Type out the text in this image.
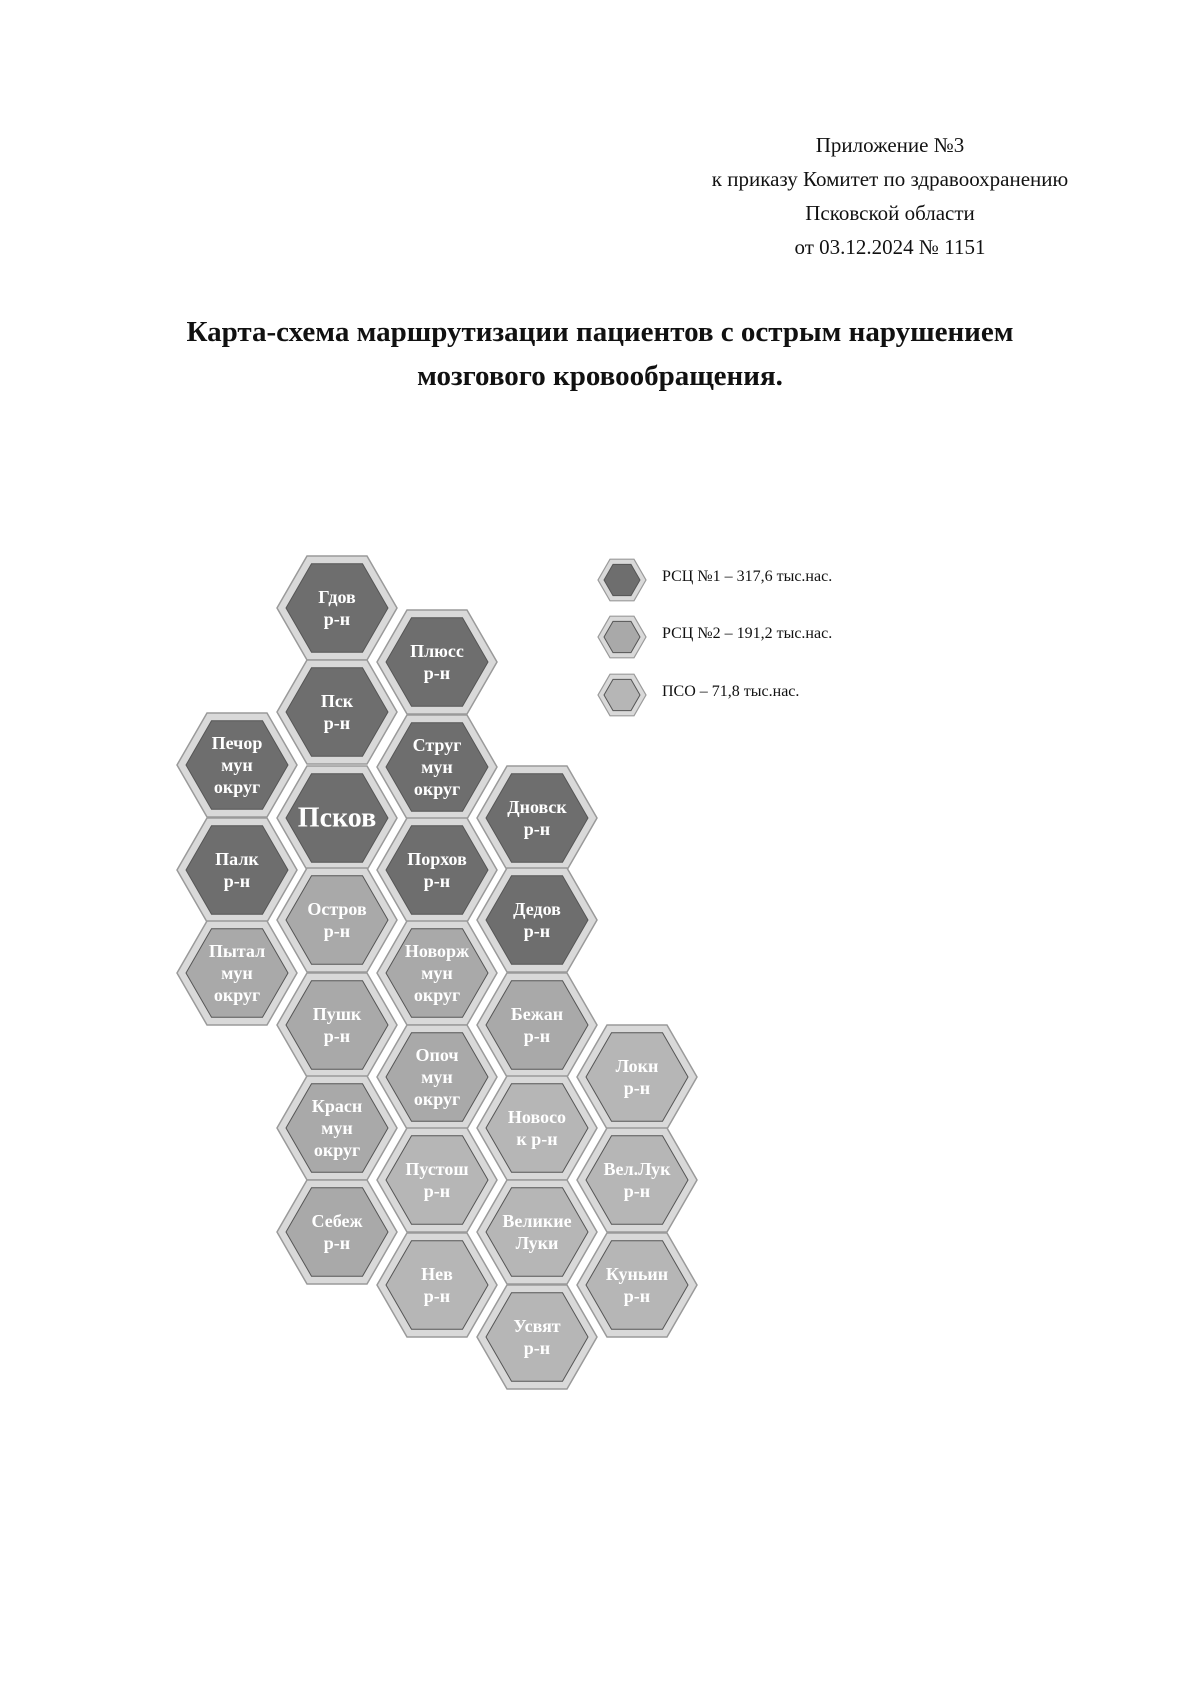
Приложение №3
к приказу Комитет по здравоохранению
Псковской области
от 03.12.2024 № 1151
Карта-схема маршрутизации пациентов с острым нарушением
мозгового кровообращения.
Гдов
р-н
Плюсс
р-н
Пск
р-н
Печор
мун
округ
Струг
мун
округ
Псков	Дновск
р-н
Палк
р-н
Порхов
р-н
Остров
р-н
Дедов
р-н
Пытал
мун
округ
Новорж
мун
округ
Пушк
р-н
Бежан
р-н
Опоч
мун
округ
Локн
р-н
Красн
мун
округ
Новосо
к р-н
Пустош
р-н
Вел.Лук
р-н
Себеж
р-н
Великие
Луки
Нев
р-н
Куньин
р-н
Усвят
р-н
РСЦ №1 – 317,6 тыс.нас.
РСЦ №2 – 191,2 тыс.нас.
ПСО – 71,8 тыс.нас.
